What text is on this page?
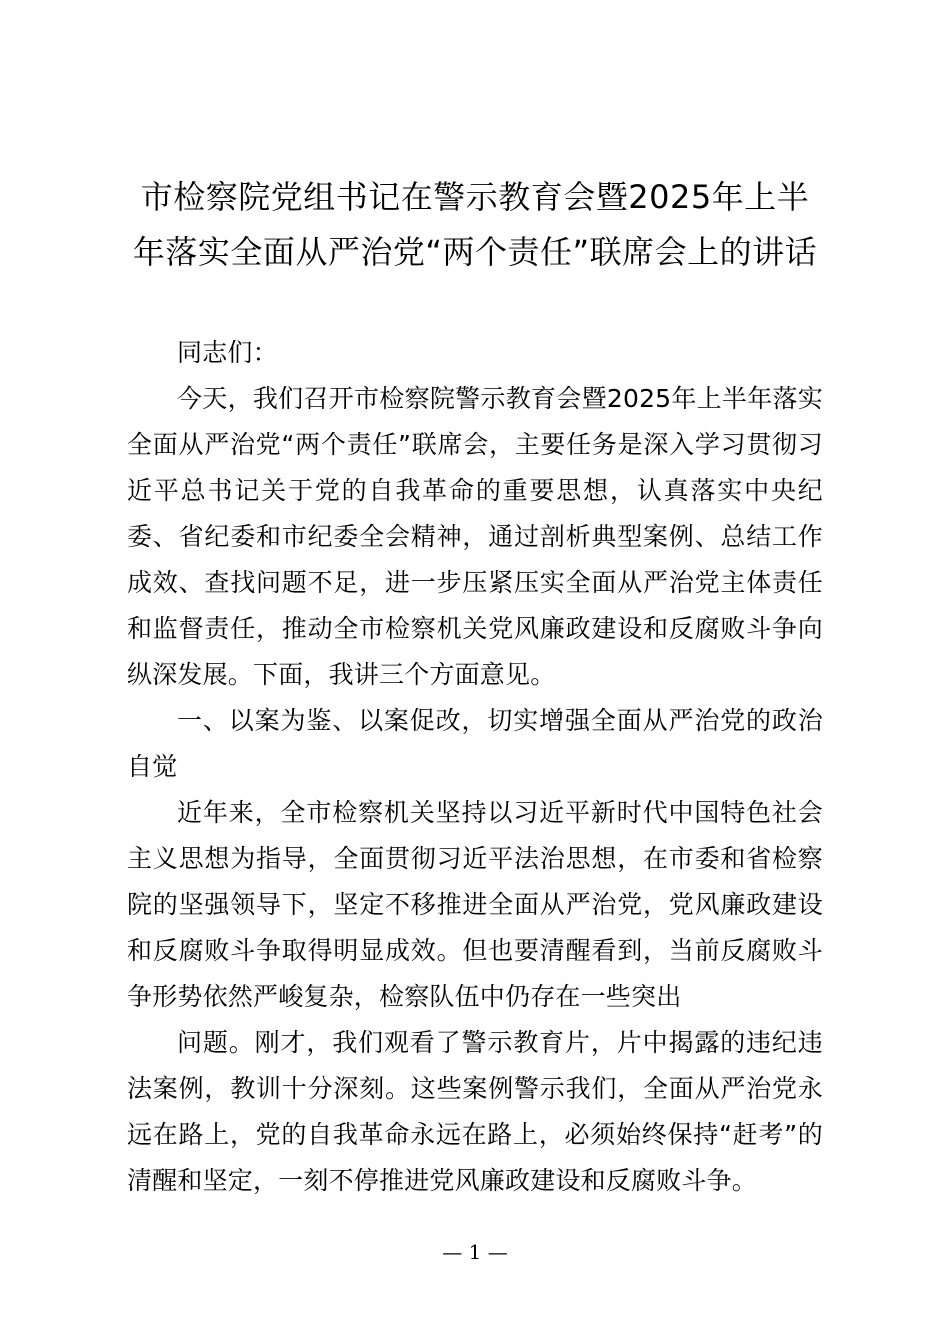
市检察院党组书记在警示教育会暨2025年上半年落实全面从严治党“两个责任”联席会上的讲话

同志们：

今天，我们召开市检察院警示教育会暨2025年上半年落实全面从严治党“两个责任”联席会，主要任务是深入学习贯彻习近平总书记关于党的自我革命的重要思想，认真落实中央纪委、省纪委和市纪委全会精神，通过剖析典型案例、总结工作成效、查找问题不足，进一步压紧压实全面从严治党主体责任和监督责任，推动全市检察机关党风廉政建设和反腐败斗争向纵深发展。下面，我讲三个方面意见。

一、以案为鉴、以案促改，切实增强全面从严治党的政治自觉

近年来，全市检察机关坚持以习近平新时代中国特色社会主义思想为指导，全面贯彻习近平法治思想，在市委和省检察院的坚强领导下，坚定不移推进全面从严治党，党风廉政建设和反腐败斗争取得明显成效。但也要清醒看到，当前反腐败斗争形势依然严峻复杂，检察队伍中仍存在一些突出

问题。刚才，我们观看了警示教育片，片中揭露的违纪违法案例，教训十分深刻。这些案例警示我们，全面从严治党永远在路上，党的自我革命永远在路上，必须始终保持“赶考”的清醒和坚定，一刻不停推进党风廉政建设和反腐败斗争。

— 1 —
